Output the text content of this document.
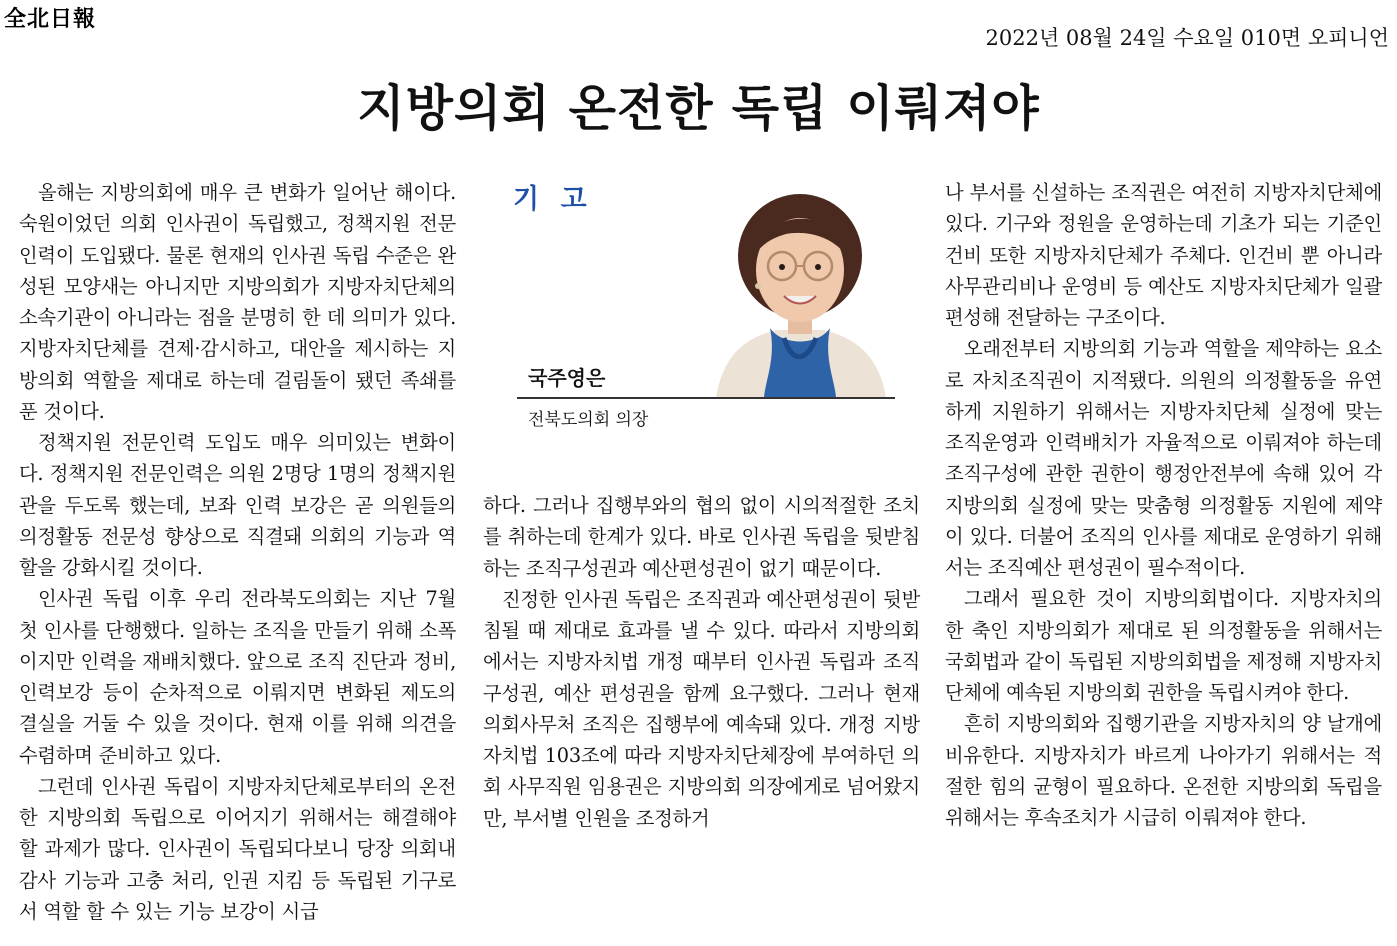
全北日報
2022년 08월 24일 수요일 010면 오피니언
지방의회 온전한 독립 이뤄져야
기 고
국주영은
전북도의회 의장

올해는 지방의회에 매우 큰 변화가 일어난 해이다. 숙원이었던 의회 인사권이 독립했고, 정책지원 전문인력이 도입됐다. 물론 현재의 인사권 독립 수준은 완성된 모양새는 아니지만 지방의회가 지방자치단체의 소속기관이 아니라는 점을 분명히 한 데 의미가 있다. 지방자치단체를 견제·감시하고, 대안을 제시하는 지방의회 역할을 제대로 하는데 걸림돌이 됐던 족쇄를 푼 것이다.

정책지원 전문인력 도입도 매우 의미있는 변화이다. 정책지원 전문인력은 의원 2명당 1명의 정책지원관을 두도록 했는데, 보좌 인력 보강은 곧 의원들의 의정활동 전문성 향상으로 직결돼 의회의 기능과 역할을 강화시킬 것이다.

인사권 독립 이후 우리 전라북도의회는 지난 7월 첫 인사를 단행했다. 일하는 조직을 만들기 위해 소폭이지만 인력을 재배치했다. 앞으로 조직 진단과 정비, 인력보강 등이 순차적으로 이뤄지면 변화된 제도의 결실을 거둘 수 있을 것이다. 현재 이를 위해 의견을 수렴하며 준비하고 있다.

그런데 인사권 독립이 지방자치단체로부터의 온전한 지방의회 독립으로 이어지기 위해서는 해결해야 할 과제가 많다. 인사권이 독립되다보니 당장 의회내 감사 기능과 고충 처리, 인권 지킴 등 독립된 기구로서 역할 할 수 있는 기능 보강이 시급

하다. 그러나 집행부와의 협의 없이 시의적절한 조치를 취하는데 한계가 있다. 바로 인사권 독립을 뒷받침하는 조직구성권과 예산편성권이 없기 때문이다.

진정한 인사권 독립은 조직권과 예산편성권이 뒷받침될 때 제대로 효과를 낼 수 있다. 따라서 지방의회에서는 지방자치법 개정 때부터 인사권 독립과 조직구성권, 예산 편성권을 함께 요구했다. 그러나 현재 의회사무처 조직은 집행부에 예속돼 있다. 개정 지방자치법 103조에 따라 지방자치단체장에 부여하던 의회 사무직원 임용권은 지방의회 의장에게로 넘어왔지만, 부서별 인원을 조정하거

나 부서를 신설하는 조직권은 여전히 지방자치단체에 있다. 기구와 정원을 운영하는데 기초가 되는 기준인건비 또한 지방자치단체가 주체다. 인건비 뿐 아니라 사무관리비나 운영비 등 예산도 지방자치단체가 일괄 편성해 전달하는 구조이다.

오래전부터 지방의회 기능과 역할을 제약하는 요소로 자치조직권이 지적됐다. 의원의 의정활동을 유연하게 지원하기 위해서는 지방자치단체 실정에 맞는 조직운영과 인력배치가 자율적으로 이뤄져야 하는데 조직구성에 관한 권한이 행정안전부에 속해 있어 각 지방의회 실정에 맞는 맞춤형 의정활동 지원에 제약이 있다. 더불어 조직의 인사를 제대로 운영하기 위해서는 조직예산 편성권이 필수적이다.

그래서 필요한 것이 지방의회법이다. 지방자치의 한 축인 지방의회가 제대로 된 의정활동을 위해서는 국회법과 같이 독립된 지방의회법을 제정해 지방자치단체에 예속된 지방의회 권한을 독립시켜야 한다.

흔히 지방의회와 집행기관을 지방자치의 양 날개에 비유한다. 지방자치가 바르게 나아가기 위해서는 적절한 힘의 균형이 필요하다. 온전한 지방의회 독립을 위해서는 후속조치가 시급히 이뤄져야 한다.
